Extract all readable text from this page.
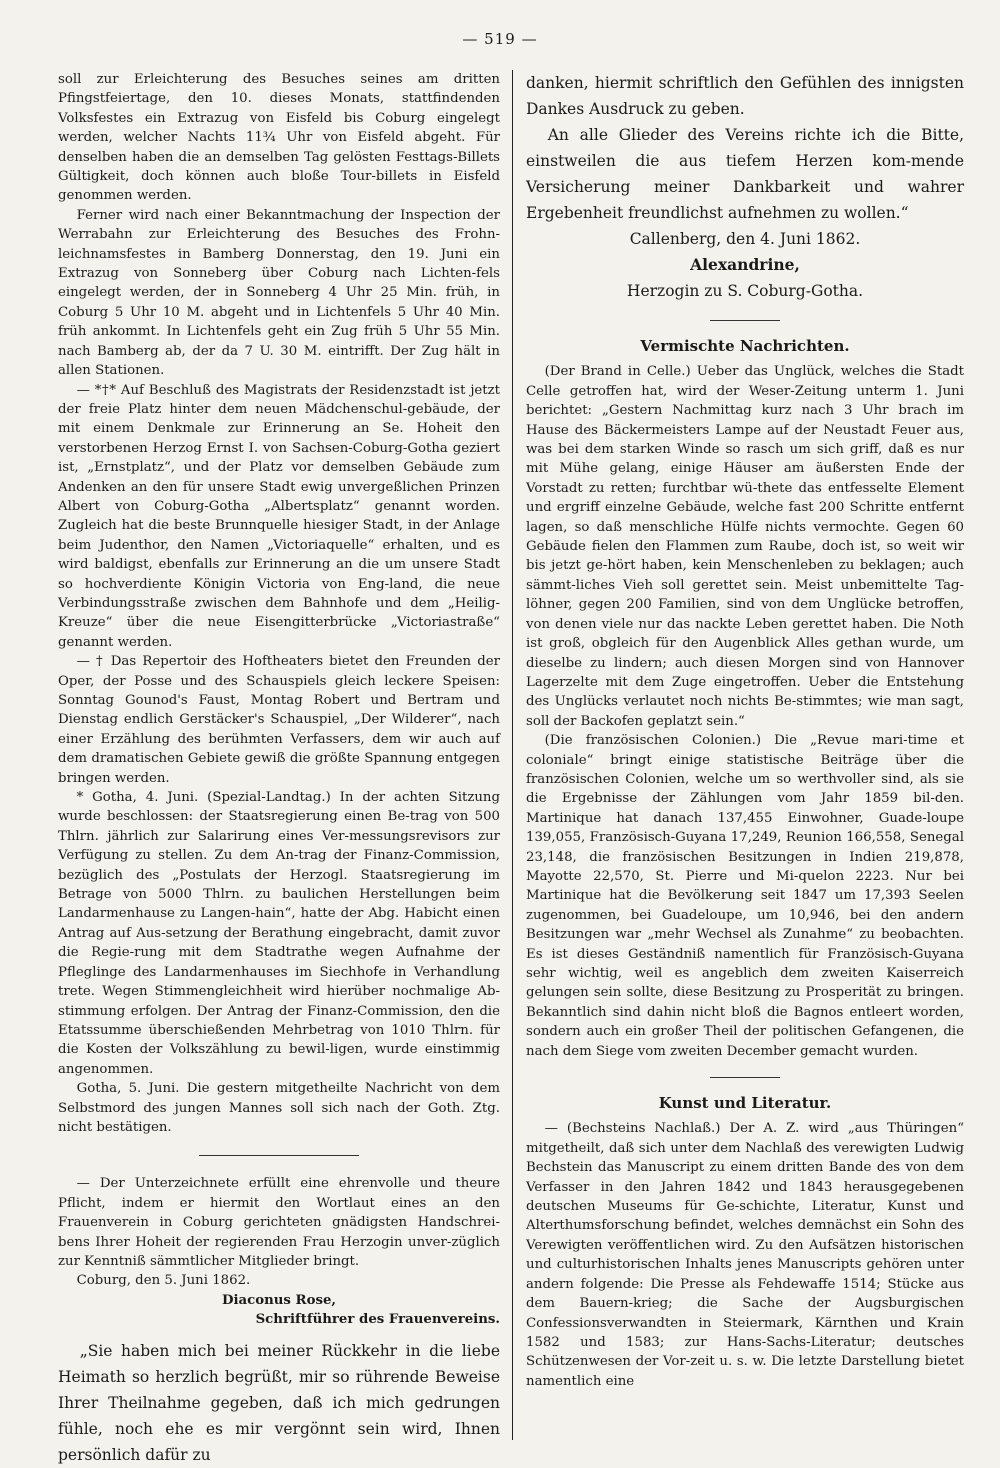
— 519 —

soll zur Erleichterung des Besuches seines am dritten Pfingstfeiertage, den 10. dieses Monats, stattfindenden Volksfestes ein Extrazug von Eisfeld bis Coburg eingelegt werden, welcher Nachts 11¾ Uhr von Eisfeld abgeht. Für denselben haben die an demselben Tag gelösten Festtags-Billets Gültigkeit, doch können auch bloße Tour-billets in Eisfeld genommen werden.

Ferner wird nach einer Bekanntmachung der Inspection der Werrabahn zur Erleichterung des Besuches des Frohn-leichnamsfestes in Bamberg Donnerstag, den 19. Juni ein Extrazug von Sonneberg über Coburg nach Lichten-fels eingelegt werden, der in Sonneberg 4 Uhr 25 Min. früh, in Coburg 5 Uhr 10 M. abgeht und in Lichtenfels 5 Uhr 40 Min. früh ankommt. In Lichtenfels geht ein Zug früh 5 Uhr 55 Min. nach Bamberg ab, der da 7 U. 30 M. eintrifft. Der Zug hält in allen Stationen.

— *†* Auf Beschluß des Magistrats der Residenzstadt ist jetzt der freie Platz hinter dem neuen Mädchenschul-gebäude, der mit einem Denkmale zur Erinnerung an Se. Hoheit den verstorbenen Herzog Ernst I. von Sachsen-Coburg-Gotha geziert ist, „Ernstplatz“, und der Platz vor demselben Gebäude zum Andenken an den für unsere Stadt ewig unvergeßlichen Prinzen Albert von Coburg-Gotha „Albertsplatz“ genannt worden. Zugleich hat die beste Brunnquelle hiesiger Stadt, in der Anlage beim Judenthor, den Namen „Victoriaquelle“ erhalten, und es wird baldigst, ebenfalls zur Erinnerung an die um unsere Stadt so hochverdiente Königin Victoria von Eng-land, die neue Verbindungsstraße zwischen dem Bahnhofe und dem „Heilig-Kreuze“ über die neue Eisengitterbrücke „Victoriastraße“ genannt werden.

— † Das Repertoir des Hoftheaters bietet den Freunden der Oper, der Posse und des Schauspiels gleich leckere Speisen: Sonntag Gounod's Faust, Montag Robert und Bertram und Dienstag endlich Gerstäcker's Schauspiel, „Der Wilderer“, nach einer Erzählung des berühmten Verfassers, dem wir auch auf dem dramatischen Gebiete gewiß die größte Spannung entgegen bringen werden.

* Gotha, 4. Juni. (Spezial-Landtag.) In der achten Sitzung wurde beschlossen: der Staatsregierung einen Be-trag von 500 Thlrn. jährlich zur Salarirung eines Ver-messungsrevisors zur Verfügung zu stellen. Zu dem An-trag der Finanz-Commission, bezüglich des „Postulats der Herzogl. Staatsregierung im Betrage von 5000 Thlrn. zu baulichen Herstellungen beim Landarmenhause zu Langen-hain“, hatte der Abg. Habicht einen Antrag auf Aus-setzung der Berathung eingebracht, damit zuvor die Regie-rung mit dem Stadtrathe wegen Aufnahme der Pfleglinge des Landarmenhauses im Siechhofe in Verhandlung trete. Wegen Stimmengleichheit wird hierüber nochmalige Ab-stimmung erfolgen. Der Antrag der Finanz-Commission, den die Etatssumme überschießenden Mehrbetrag von 1010 Thlrn. für die Kosten der Volkszählung zu bewil-ligen, wurde einstimmig angenommen.

Gotha, 5. Juni. Die gestern mitgetheilte Nachricht von dem Selbstmord des jungen Mannes soll sich nach der Goth. Ztg. nicht bestätigen.

— Der Unterzeichnete erfüllt eine ehrenvolle und theure Pflicht, indem er hiermit den Wortlaut eines an den Frauenverein in Coburg gerichteten gnädigsten Handschrei-bens Ihrer Hoheit der regierenden Frau Herzogin unver-züglich zur Kenntniß sämmtlicher Mitglieder bringt.

Coburg, den 5. Juni 1862.

Diaconus Rose,

Schriftführer des Frauenvereins.

„Sie haben mich bei meiner Rückkehr in die liebe Heimath so herzlich begrüßt, mir so rührende Beweise Ihrer Theilnahme gegeben, daß ich mich gedrungen fühle, noch ehe es mir vergönnt sein wird, Ihnen persönlich dafür zu

danken, hiermit schriftlich den Gefühlen des innigsten Dankes Ausdruck zu geben.

An alle Glieder des Vereins richte ich die Bitte, einstweilen die aus tiefem Herzen kom-mende Versicherung meiner Dankbarkeit und wahrer Ergebenheit freundlichst aufnehmen zu wollen.“

Callenberg, den 4. Juni 1862.

Alexandrine,

Herzogin zu S. Coburg-Gotha.

Vermischte Nachrichten.

(Der Brand in Celle.) Ueber das Unglück, welches die Stadt Celle getroffen hat, wird der Weser-Zeitung unterm 1. Juni berichtet: „Gestern Nachmittag kurz nach 3 Uhr brach im Hause des Bäckermeisters Lampe auf der Neustadt Feuer aus, was bei dem starken Winde so rasch um sich griff, daß es nur mit Mühe gelang, einige Häuser am äußersten Ende der Vorstadt zu retten; furchtbar wü-thete das entfesselte Element und ergriff einzelne Gebäude, welche fast 200 Schritte entfernt lagen, so daß menschliche Hülfe nichts vermochte. Gegen 60 Gebäude fielen den Flammen zum Raube, doch ist, so weit wir bis jetzt ge-hört haben, kein Menschenleben zu beklagen; auch sämmt-liches Vieh soll gerettet sein. Meist unbemittelte Tag-löhner, gegen 200 Familien, sind von dem Unglücke betroffen, von denen viele nur das nackte Leben gerettet haben. Die Noth ist groß, obgleich für den Augenblick Alles gethan wurde, um dieselbe zu lindern; auch diesen Morgen sind von Hannover Lagerzelte mit dem Zuge eingetroffen. Ueber die Entstehung des Unglücks verlautet noch nichts Be-stimmtes; wie man sagt, soll der Backofen geplatzt sein.“

(Die französischen Colonien.) Die „Revue mari-time et coloniale“ bringt einige statistische Beiträge über die französischen Colonien, welche um so werthvoller sind, als sie die Ergebnisse der Zählungen vom Jahr 1859 bil-den. Martinique hat danach 137,455 Einwohner, Guade-loupe 139,055, Französisch-Guyana 17,249, Reunion 166,558, Senegal 23,148, die französischen Besitzungen in Indien 219,878, Mayotte 22,570, St. Pierre und Mi-quelon 2223. Nur bei Martinique hat die Bevölkerung seit 1847 um 17,393 Seelen zugenommen, bei Guadeloupe, um 10,946, bei den andern Besitzungen war „mehr Wechsel als Zunahme“ zu beobachten. Es ist dieses Geständniß namentlich für Französisch-Guyana sehr wichtig, weil es angeblich dem zweiten Kaiserreich gelungen sein sollte, diese Besitzung zu Prosperität zu bringen. Bekanntlich sind dahin nicht bloß die Bagnos entleert worden, sondern auch ein großer Theil der politischen Gefangenen, die nach dem Siege vom zweiten December gemacht wurden.

Kunst und Literatur.

— (Bechsteins Nachlaß.) Der A. Z. wird „aus Thüringen“ mitgetheilt, daß sich unter dem Nachlaß des verewigten Ludwig Bechstein das Manuscript zu einem dritten Bande des von dem Verfasser in den Jahren 1842 und 1843 herausgegebenen deutschen Museums für Ge-schichte, Literatur, Kunst und Alterthumsforschung befindet, welches demnächst ein Sohn des Verewigten veröffentlichen wird. Zu den Aufsätzen historischen und culturhistorischen Inhalts jenes Manuscripts gehören unter andern folgende: Die Presse als Fehdewaffe 1514; Stücke aus dem Bauern-krieg; die Sache der Augsburgischen Confessionsverwandten in Steiermark, Kärnthen und Krain 1582 und 1583; zur Hans-Sachs-Literatur; deutsches Schützenwesen der Vor-zeit u. s. w. Die letzte Darstellung bietet namentlich eine
